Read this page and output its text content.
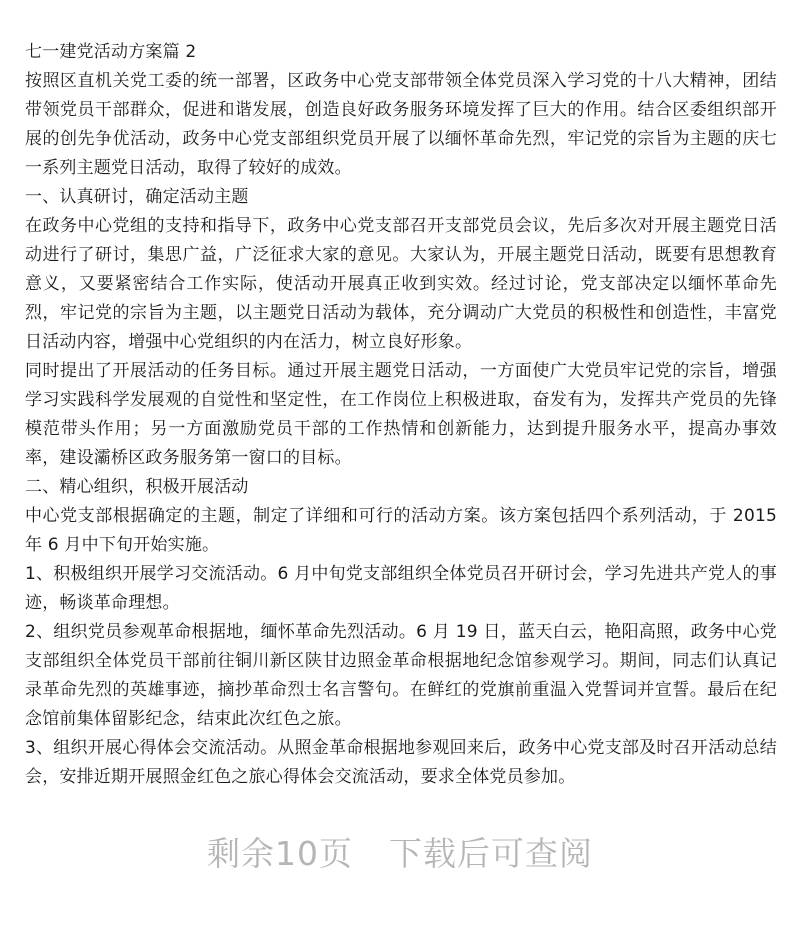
七一建党活动方案篇 2

按照区直机关党工委的统一部署，区政务中心党支部带领全体党员深入学习党的十八大精神，团结带领党员干部群众，促进和谐发展，创造良好政务服务环境发挥了巨大的作用。结合区委组织部开展的创先争优活动，政务中心党支部组织党员开展了以缅怀革命先烈，牢记党的宗旨为主题的庆七一系列主题党日活动，取得了较好的成效。

一、认真研讨，确定活动主题

在政务中心党组的支持和指导下，政务中心党支部召开支部党员会议，先后多次对开展主题党日活动进行了研讨，集思广益，广泛征求大家的意见。大家认为，开展主题党日活动，既要有思想教育意义，又要紧密结合工作实际，使活动开展真正收到实效。经过讨论，党支部决定以缅怀革命先烈，牢记党的宗旨为主题，以主题党日活动为载体，充分调动广大党员的积极性和创造性，丰富党日活动内容，增强中心党组织的内在活力，树立良好形象。

同时提出了开展活动的任务目标。通过开展主题党日活动，一方面使广大党员牢记党的宗旨，增强学习实践科学发展观的自觉性和坚定性，在工作岗位上积极进取，奋发有为，发挥共产党员的先锋模范带头作用；另一方面激励党员干部的工作热情和创新能力，达到提升服务水平，提高办事效率，建设灞桥区政务服务第一窗口的目标。

二、精心组织，积极开展活动

中心党支部根据确定的主题，制定了详细和可行的活动方案。该方案包括四个系列活动，于 2015 年 6 月中下旬开始实施。

1、积极组织开展学习交流活动。6 月中旬党支部组织全体党员召开研讨会，学习先进共产党人的事迹，畅谈革命理想。

2、组织党员参观革命根据地，缅怀革命先烈活动。6 月 19 日，蓝天白云，艳阳高照，政务中心党支部组织全体党员干部前往铜川新区陕甘边照金革命根据地纪念馆参观学习。期间，同志们认真记录革命先烈的英雄事迹，摘抄革命烈士名言警句。在鲜红的党旗前重温入党誓词并宣誓。最后在纪念馆前集体留影纪念，结束此次红色之旅。

3、组织开展心得体会交流活动。从照金革命根据地参观回来后，政务中心党支部及时召开活动总结会，安排近期开展照金红色之旅心得体会交流活动，要求全体党员参加。

剩余10页 下载后可查阅
